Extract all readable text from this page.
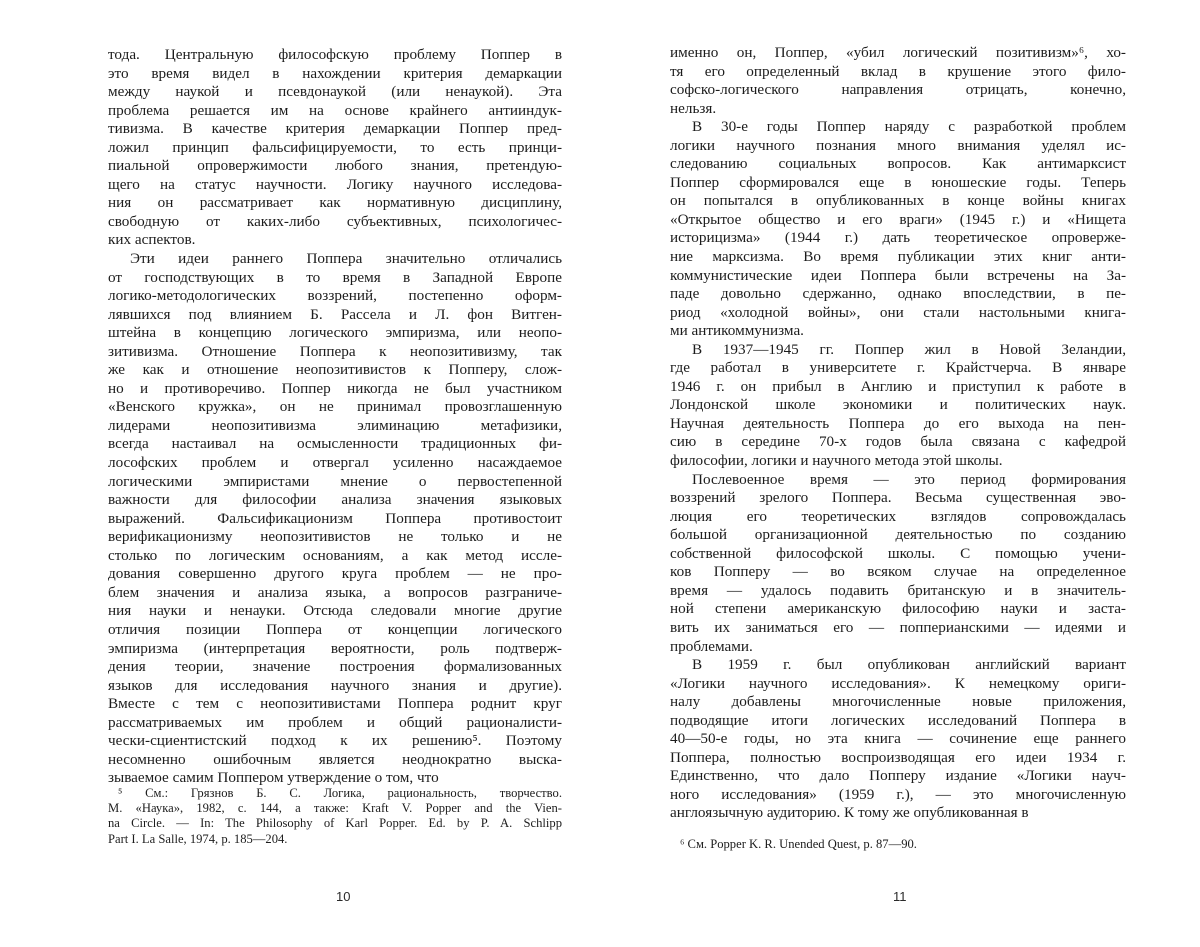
тода. Центральную философскую проблему Поппер в
это время видел в нахождении критерия демаркации
между наукой и псевдонаукой (или ненаукой). Эта
проблема решается им на основе крайнего антииндук-
тивизма. В качестве критерия демаркации Поппер пред-
ложил принцип фальсифицируемости, то есть принци-
пиальной опровержимости любого знания, претендую-
щего на статус научности. Логику научного исследова-
ния он рассматривает как нормативную дисциплину,
свободную от каких-либо субъективных, психологичес-
ких аспектов.
Эти идеи раннего Поппера значительно отличались
от господствующих в то время в Западной Европе
логико-методологических воззрений, постепенно оформ-
лявшихся под влиянием Б. Рассела и Л. фон Витген-
штейна в концепцию логического эмпиризма, или неопо-
зитивизма. Отношение Поппера к неопозитивизму, так
же как и отношение неопозитивистов к Попперу, слож-
но и противоречиво. Поппер никогда не был участником
«Венского кружка», он не принимал провозглашенную
лидерами неопозитивизма элиминацию метафизики,
всегда настаивал на осмысленности традиционных фи-
лософских проблем и отвергал усиленно насаждаемое
логическими эмпиристами мнение о первостепенной
важности для философии анализа значения языковых
выражений. Фальсификационизм Поппера противостоит
верификационизму неопозитивистов не только и не
столько по логическим основаниям, а как метод иссле-
дования совершенно другого круга проблем — не про-
блем значения и анализа языка, а вопросов разграниче-
ния науки и ненауки. Отсюда следовали многие другие
отличия позиции Поппера от концепции логического
эмпиризма (интерпретация вероятности, роль подтверж-
дения теории, значение построения формализованных
языков для исследования научного знания и другие).
Вместе с тем с неопозитивистами Поппера роднит круг
рассматриваемых им проблем и общий рационалисти-
чески-сциентистский подход к их решению⁵. Поэтому
несомненно ошибочным является неоднократно выска-
зываемое самим Поппером утверждение о том, что
⁵ См.: Грязнов Б. С. Логика, рациональность, творчество.
М. «Наука», 1982, с. 144, а также: Kraft V. Popper and the Vien-
na Circle. — In: The Philosophy of Karl Popper. Ed. by P. A. Schlipp
Part I. La Salle, 1974, p. 185—204.
10
именно он, Поппер, «убил логический позитивизм»⁶, хо-
тя его определенный вклад в крушение этого фило-
софско-логического направления отрицать, конечно,
нельзя.
В 30-е годы Поппер наряду с разработкой проблем
логики научного познания много внимания уделял ис-
следованию социальных вопросов. Как антимарксист
Поппер сформировался еще в юношеские годы. Теперь
он попытался в опубликованных в конце войны книгах
«Открытое общество и его враги» (1945 г.) и «Нищета
историцизма» (1944 г.) дать теоретическое опроверже-
ние марксизма. Во время публикации этих книг анти-
коммунистические идеи Поппера были встречены на За-
паде довольно сдержанно, однако впоследствии, в пе-
риод «холодной войны», они стали настольными книга-
ми антикоммунизма.
В 1937—1945 гг. Поппер жил в Новой Зеландии,
где работал в университете г. Крайстчерча. В январе
1946 г. он прибыл в Англию и приступил к работе в
Лондонской школе экономики и политических наук.
Научная деятельность Поппера до его выхода на пен-
сию в середине 70-х годов была связана с кафедрой
философии, логики и научного метода этой школы.
Послевоенное время — это период формирования
воззрений зрелого Поппера. Весьма существенная эво-
люция его теоретических взглядов сопровождалась
большой организационной деятельностью по созданию
собственной философской школы. С помощью учени-
ков Попперу — во всяком случае на определенное
время — удалось подавить британскую и в значитель-
ной степени американскую философию науки и застa-
вить их заниматься его — попперианскими — идеями и
проблемами.
В 1959 г. был опубликован английский вариант
«Логики научного исследования». К немецкому ориги-
налу добавлены многочисленные новые приложения,
подводящие итоги логических исследований Поппера в
40—50-е годы, но эта книга — сочинение еще раннего
Поппера, полностью воспроизводящая его идеи 1934 г.
Единственно, что дало Попперу издание «Логики науч-
ного исследования» (1959 г.), — это многочисленную
англоязычную аудиторию. К тому же опубликованная в
⁶ См. Popper K. R. Unended Quest, p. 87—90.
11
